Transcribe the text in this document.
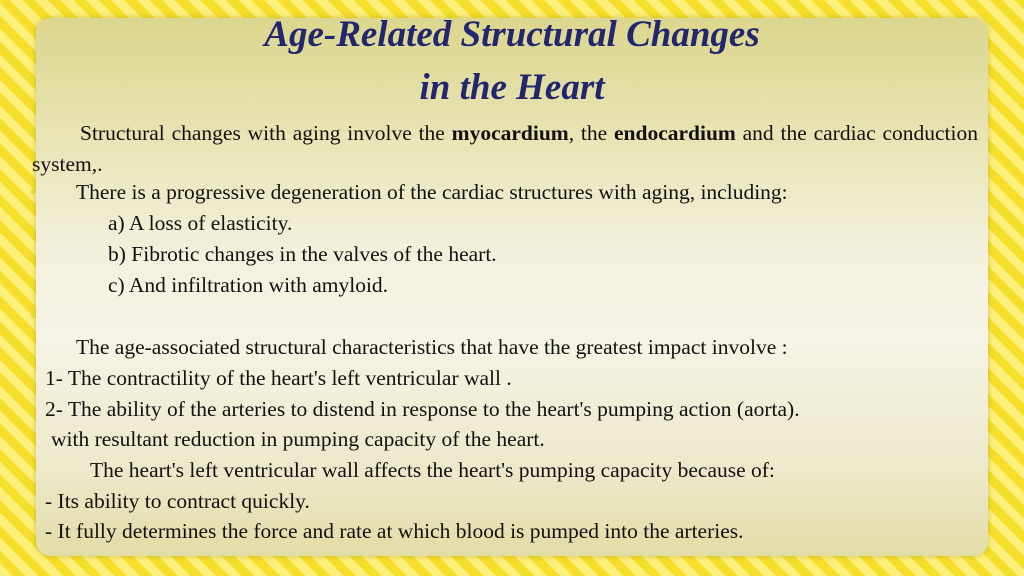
Age-Related Structural Changes
in the Heart
•	Structural changes with aging involve the myocardium, the endocardium and the cardiac conduction system,.
• There is a progressive degeneration of the cardiac structures with aging, including:
a) A loss of elasticity.
b) Fibrotic changes in the valves of the heart.
c) And infiltration with amyloid.
•
The age-associated structural characteristics that have the greatest impact involve :
1- The contractility of the heart's left ventricular wall .
2- The ability of the arteries to distend in response to the heart's pumping action (aorta).
with resultant reduction in pumping capacity of the heart.
The heart's left ventricular wall affects the heart's pumping capacity because of:
- Its ability to contract quickly.
- It fully determines the force and rate at which blood is pumped into the arteries.
